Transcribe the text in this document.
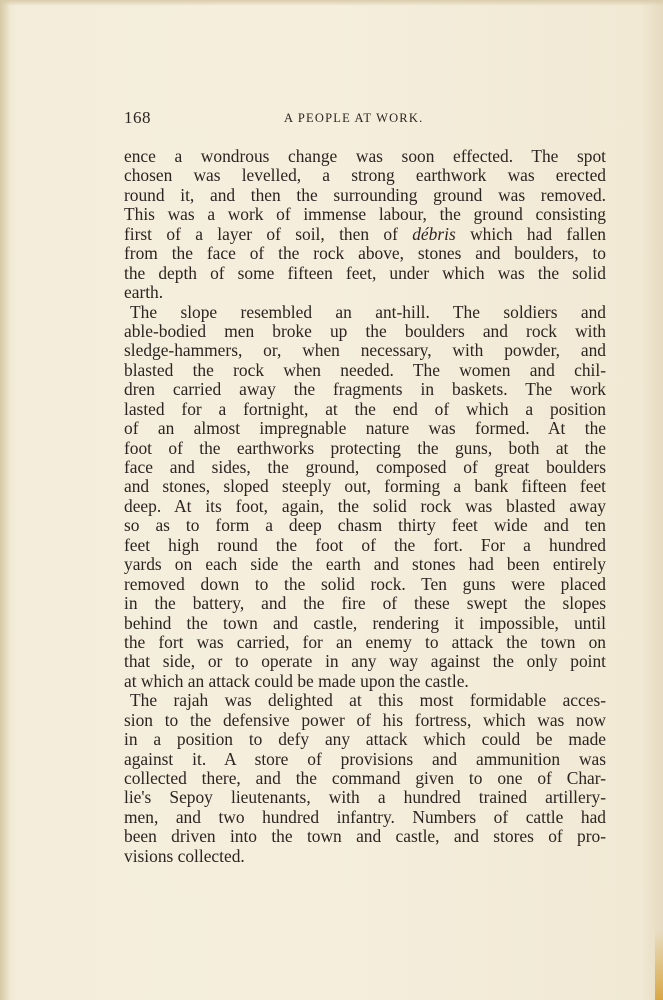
168	A PEOPLE AT WORK.
ence a wondrous change was soon effected. The spot
chosen was levelled, a strong earthwork was erected
round it, and then the surrounding ground was removed.
This was a work of immense labour, the ground consisting
first of a layer of soil, then of débris which had fallen
from the face of the rock above, stones and boulders, to
the depth of some fifteen feet, under which was the solid
earth.
The slope resembled an ant-hill. The soldiers and
able-bodied men broke up the boulders and rock with
sledge-hammers, or, when necessary, with powder, and
blasted the rock when needed. The women and chil-
dren carried away the fragments in baskets. The work
lasted for a fortnight, at the end of which a position
of an almost impregnable nature was formed. At the
foot of the earthworks protecting the guns, both at the
face and sides, the ground, composed of great boulders
and stones, sloped steeply out, forming a bank fifteen feet
deep. At its foot, again, the solid rock was blasted away
so as to form a deep chasm thirty feet wide and ten
feet high round the foot of the fort. For a hundred
yards on each side the earth and stones had been entirely
removed down to the solid rock. Ten guns were placed
in the battery, and the fire of these swept the slopes
behind the town and castle, rendering it impossible, until
the fort was carried, for an enemy to attack the town on
that side, or to operate in any way against the only point
at which an attack could be made upon the castle.
The rajah was delighted at this most formidable acces-
sion to the defensive power of his fortress, which was now
in a position to defy any attack which could be made
against it. A store of provisions and ammunition was
collected there, and the command given to one of Char-
lie's Sepoy lieutenants, with a hundred trained artillery-
men, and two hundred infantry. Numbers of cattle had
been driven into the town and castle, and stores of pro-
visions collected.
